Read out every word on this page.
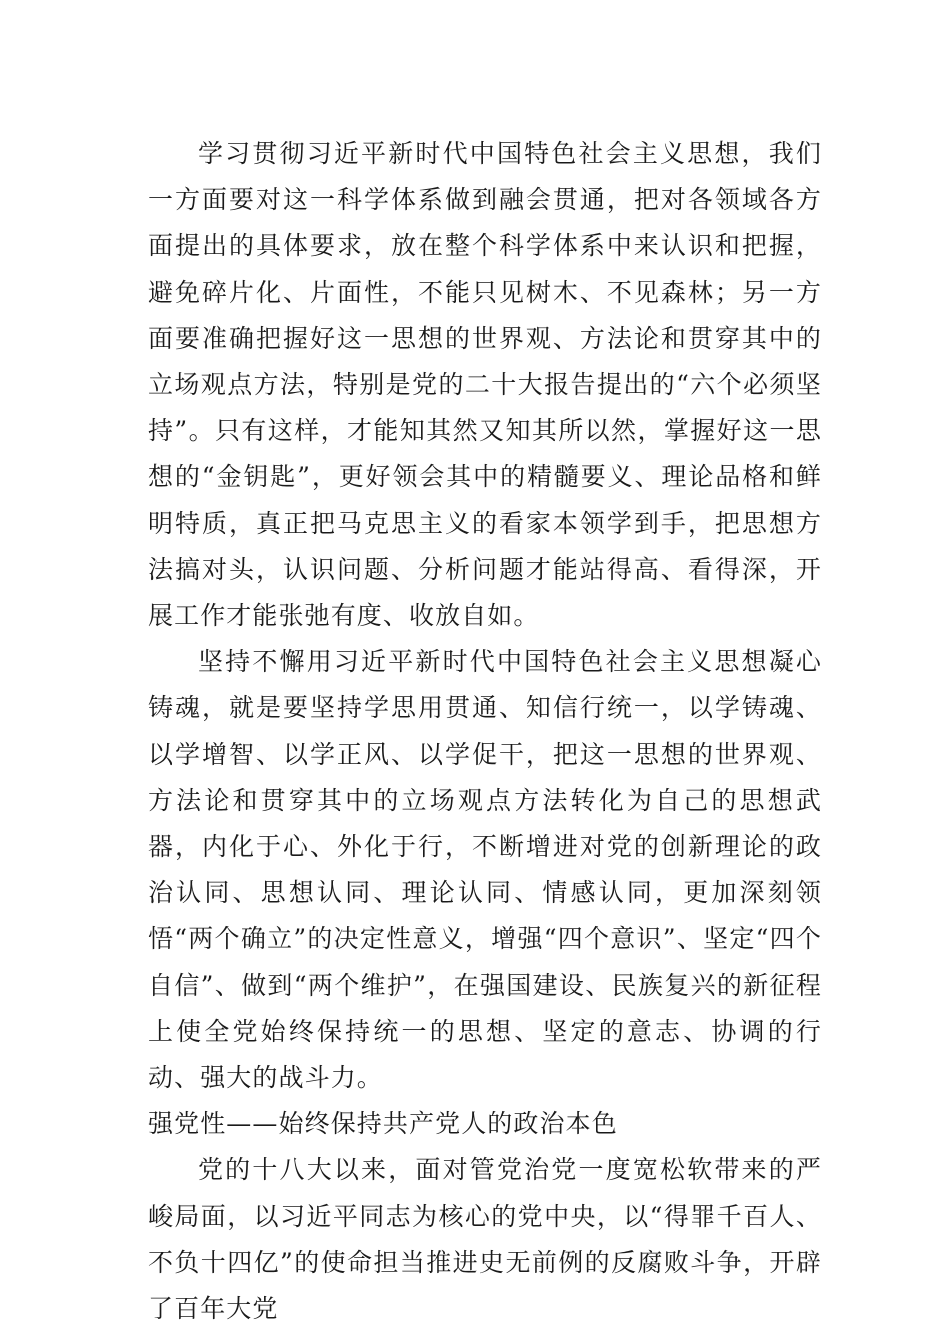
学习贯彻习近平新时代中国特色社会主义思想，我们一方面要对这一科学体系做到融会贯通，把对各领域各方面提出的具体要求，放在整个科学体系中来认识和把握，避免碎片化、片面性，不能只见树木、不见森林；另一方面要准确把握好这一思想的世界观、方法论和贯穿其中的立场观点方法，特别是党的二十大报告提出的“六个必须坚持”。只有这样，才能知其然又知其所以然，掌握好这一思想的“金钥匙”，更好领会其中的精髓要义、理论品格和鲜明特质，真正把马克思主义的看家本领学到手，把思想方法搞对头，认识问题、分析问题才能站得高、看得深，开展工作才能张弛有度、收放自如。

坚持不懈用习近平新时代中国特色社会主义思想凝心铸魂，就是要坚持学思用贯通、知信行统一，以学铸魂、以学增智、以学正风、以学促干，把这一思想的世界观、方法论和贯穿其中的立场观点方法转化为自己的思想武器，内化于心、外化于行，不断增进对党的创新理论的政治认同、思想认同、理论认同、情感认同，更加深刻领悟“两个确立”的决定性意义，增强“四个意识”、坚定“四个自信”、做到“两个维护”，在强国建设、民族复兴的新征程上使全党始终保持统一的思想、坚定的意志、协调的行动、强大的战斗力。

强党性——始终保持共产党人的政治本色

党的十八大以来，面对管党治党一度宽松软带来的严峻局面，以习近平同志为核心的党中央，以“得罪千百人、不负十四亿”的使命担当推进史无前例的反腐败斗争，开辟了百年大党
